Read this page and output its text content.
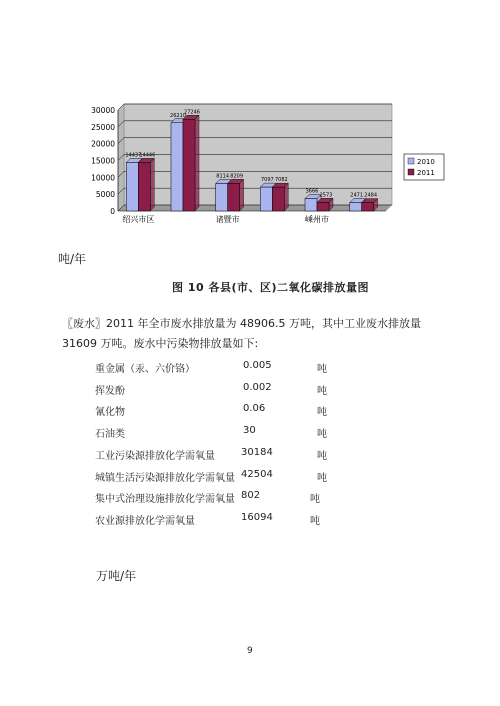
0
5000
10000
15000
20000
25000
30000
14437
14446
绍兴市区
26210
27246
8114 8209
诸暨市
7097 7082
3666
2573
嵊州市
2471 2484
2010
2011
吨/年
图 10 各县(市、区)二氧化碳排放量图
〖废水〗2011 年全市废水排放量为 48906.5 万吨，其中工业废水排放量 31609 万吨。废水中污染物排放量如下:
重金属（汞、六价铬）	0.005	吨
挥发酚	0.002	吨
氰化物	0.06	吨
石油类	30	吨
工业污染源排放化学需氧量	30184	吨
城镇生活污染源排放化学需氧量 42504	吨
集中式治理设施排放化学需氧量 802	吨
农业源排放化学需氧量	16094	吨
万吨/年
9
